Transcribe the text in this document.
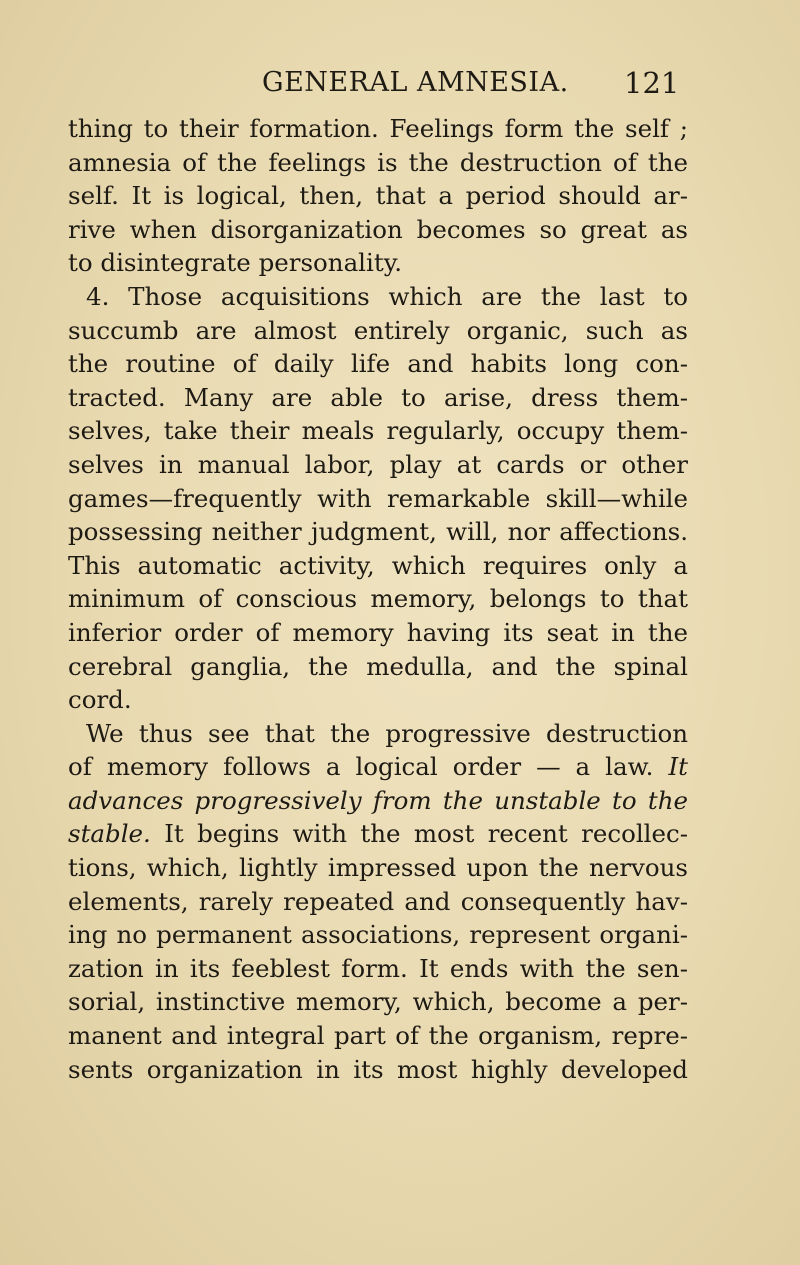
GENERAL AMNESIA. 121
thing to their formation. Feelings form the self ;
amnesia of the feelings is the destruction of the
self. It is logical, then, that a period should ar-
rive when disorganization becomes so great as
to disintegrate personality.
4. Those acquisitions which are the last to
succumb are almost entirely organic, such as
the routine of daily life and habits long con-
tracted. Many are able to arise, dress them-
selves, take their meals regularly, occupy them-
selves in manual labor, play at cards or other
games—frequently with remarkable skill—while
possessing neither judgment, will, nor affections.
This automatic activity, which requires only a
minimum of conscious memory, belongs to that
inferior order of memory having its seat in the
cerebral ganglia, the medulla, and the spinal
cord.
We thus see that the progressive destruction
of memory follows a logical order — a law. It
advances progressively from the unstable to the
stable. It begins with the most recent recollec-
tions, which, lightly impressed upon the nervous
elements, rarely repeated and consequently hav-
ing no permanent associations, represent organi-
zation in its feeblest form. It ends with the sen-
sorial, instinctive memory, which, become a per-
manent and integral part of the organism, repre-
sents organization in its most highly developed
